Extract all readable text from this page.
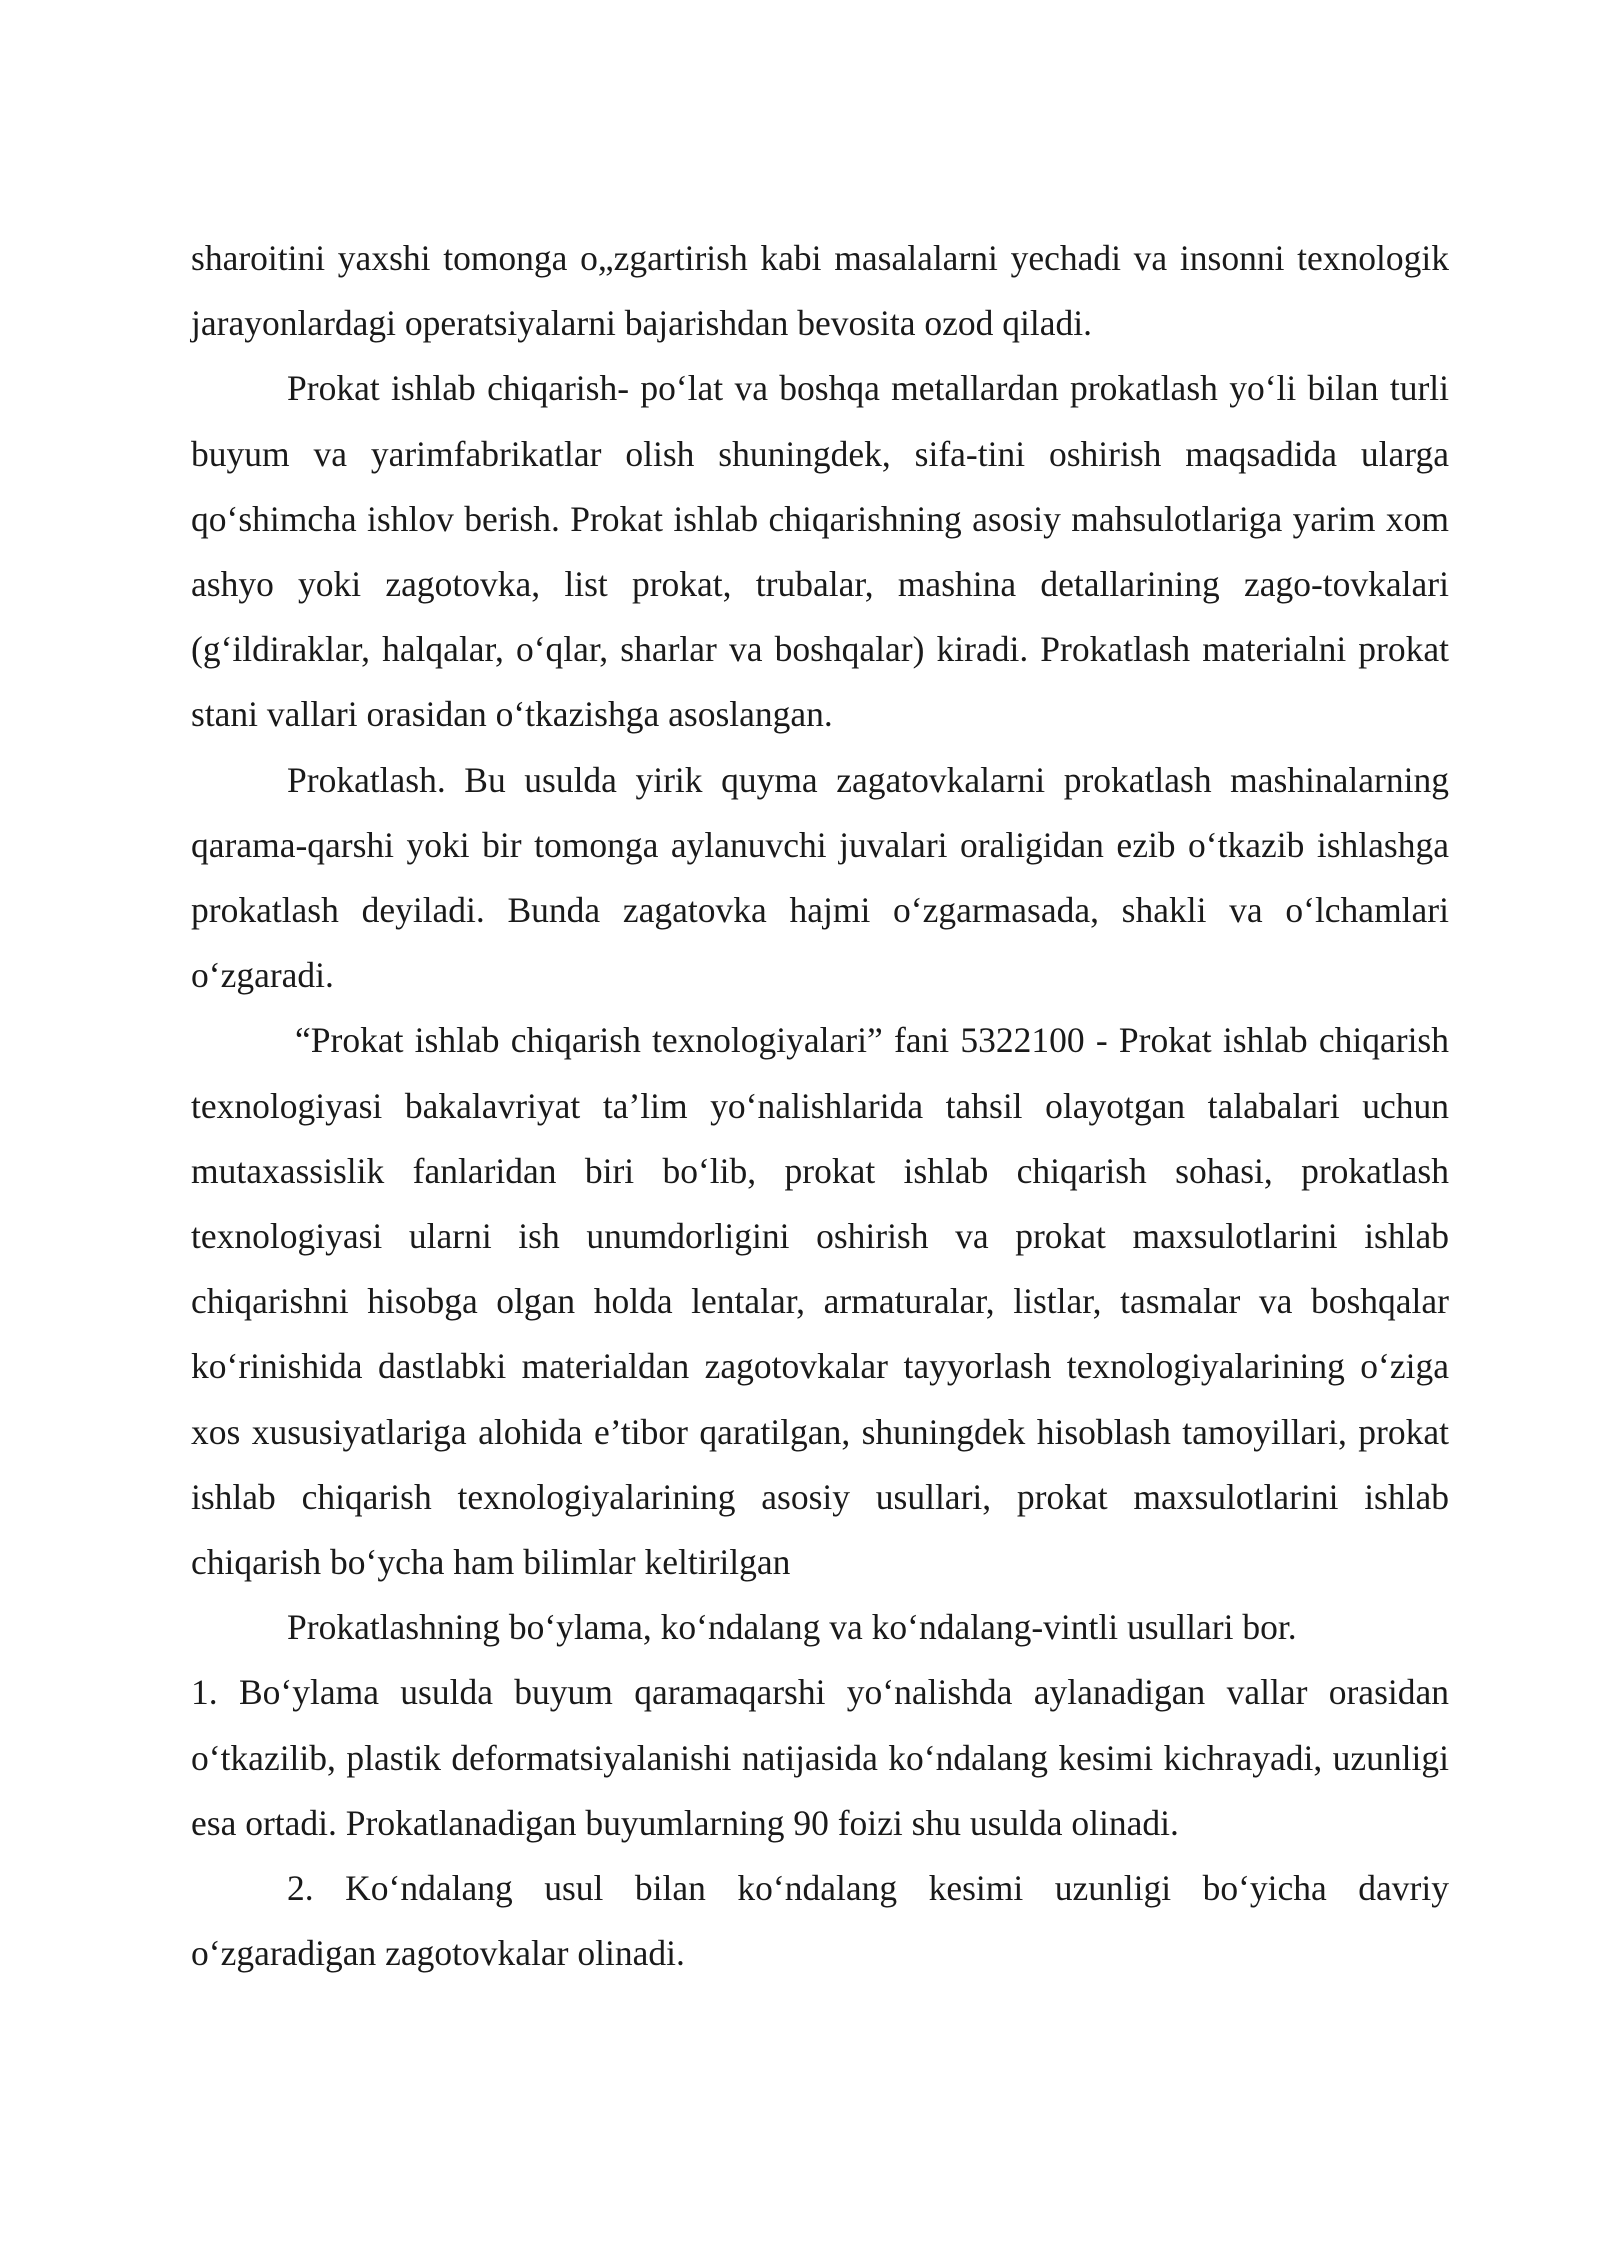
sharoitini yaxshi tomonga o„zgartirish kabi masalalarni yechadi va insonni texnologik jarayonlardagi operatsiyalarni bajarishdan bevosita ozod qiladi.

Prokat ishlab chiqarish- poʻlat va boshqa metallardan prokatlash yoʻli bilan turli buyum va yarimfabrikatlar olish shuningdek, sifa-tini oshirish maqsadida ularga qoʻshimcha ishlov berish. Prokat ishlab chiqarishning asosiy mahsulotlariga yarim xom ashyo yoki zagotovka, list prokat, trubalar, mashina detallarining zago-tovkalari (gʻildiraklar, halqalar, oʻqlar, sharlar va boshqalar) kiradi. Prokatlash materialni prokat stani vallari orasidan oʻtkazishga asoslangan.

Prokatlash. Bu usulda yirik quyma zagatovkalarni prokatlash mashinalarning qarama-qarshi yoki bir tomonga aylanuvchi juvalari oraligidan ezib oʻtkazib ishlashga prokatlash deyiladi. Bunda zagatovka hajmi oʻzgarmasada, shakli va oʻlchamlari oʻzgaradi.

“Prokat ishlab chiqarish texnologiyalari” fani 5322100 - Prokat ishlab chiqarish texnologiyasi bakalavriyat ta’lim yoʻnalishlarida tahsil olayotgan talabalari uchun mutaxassislik fanlaridan biri boʻlib, prokat ishlab chiqarish sohasi, prokatlash texnologiyasi ularni ish unumdorligini oshirish va prokat maxsulotlarini ishlab chiqarishni hisobga olgan holda lentalar, armaturalar, listlar, tasmalar va boshqalar koʻrinishida dastlabki materialdan zagotovkalar tayyorlash texnologiyalarining oʻziga xos xususiyatlariga alohida e’tibor qaratilgan, shuningdek hisoblash tamoyillari, prokat ishlab chiqarish texnologiyalarining asosiy usullari, prokat maxsulotlarini ishlab chiqarish boʻycha ham bilimlar keltirilgan

Prokatlashning boʻylama, koʻndalang va koʻndalang-vintli usullari bor.

1. Boʻylama usulda buyum qaramaqarshi yoʻnalishda aylanadigan vallar orasidan oʻtkazilib, plastik deformatsiyalanishi natijasida koʻndalang kesimi kichrayadi, uzunligi esa ortadi. Prokatlanadigan buyumlarning 90 foizi shu usulda olinadi.

2. Koʻndalang usul bilan koʻndalang kesimi uzunligi boʻyicha davriy oʻzgaradigan zagotovkalar olinadi.
